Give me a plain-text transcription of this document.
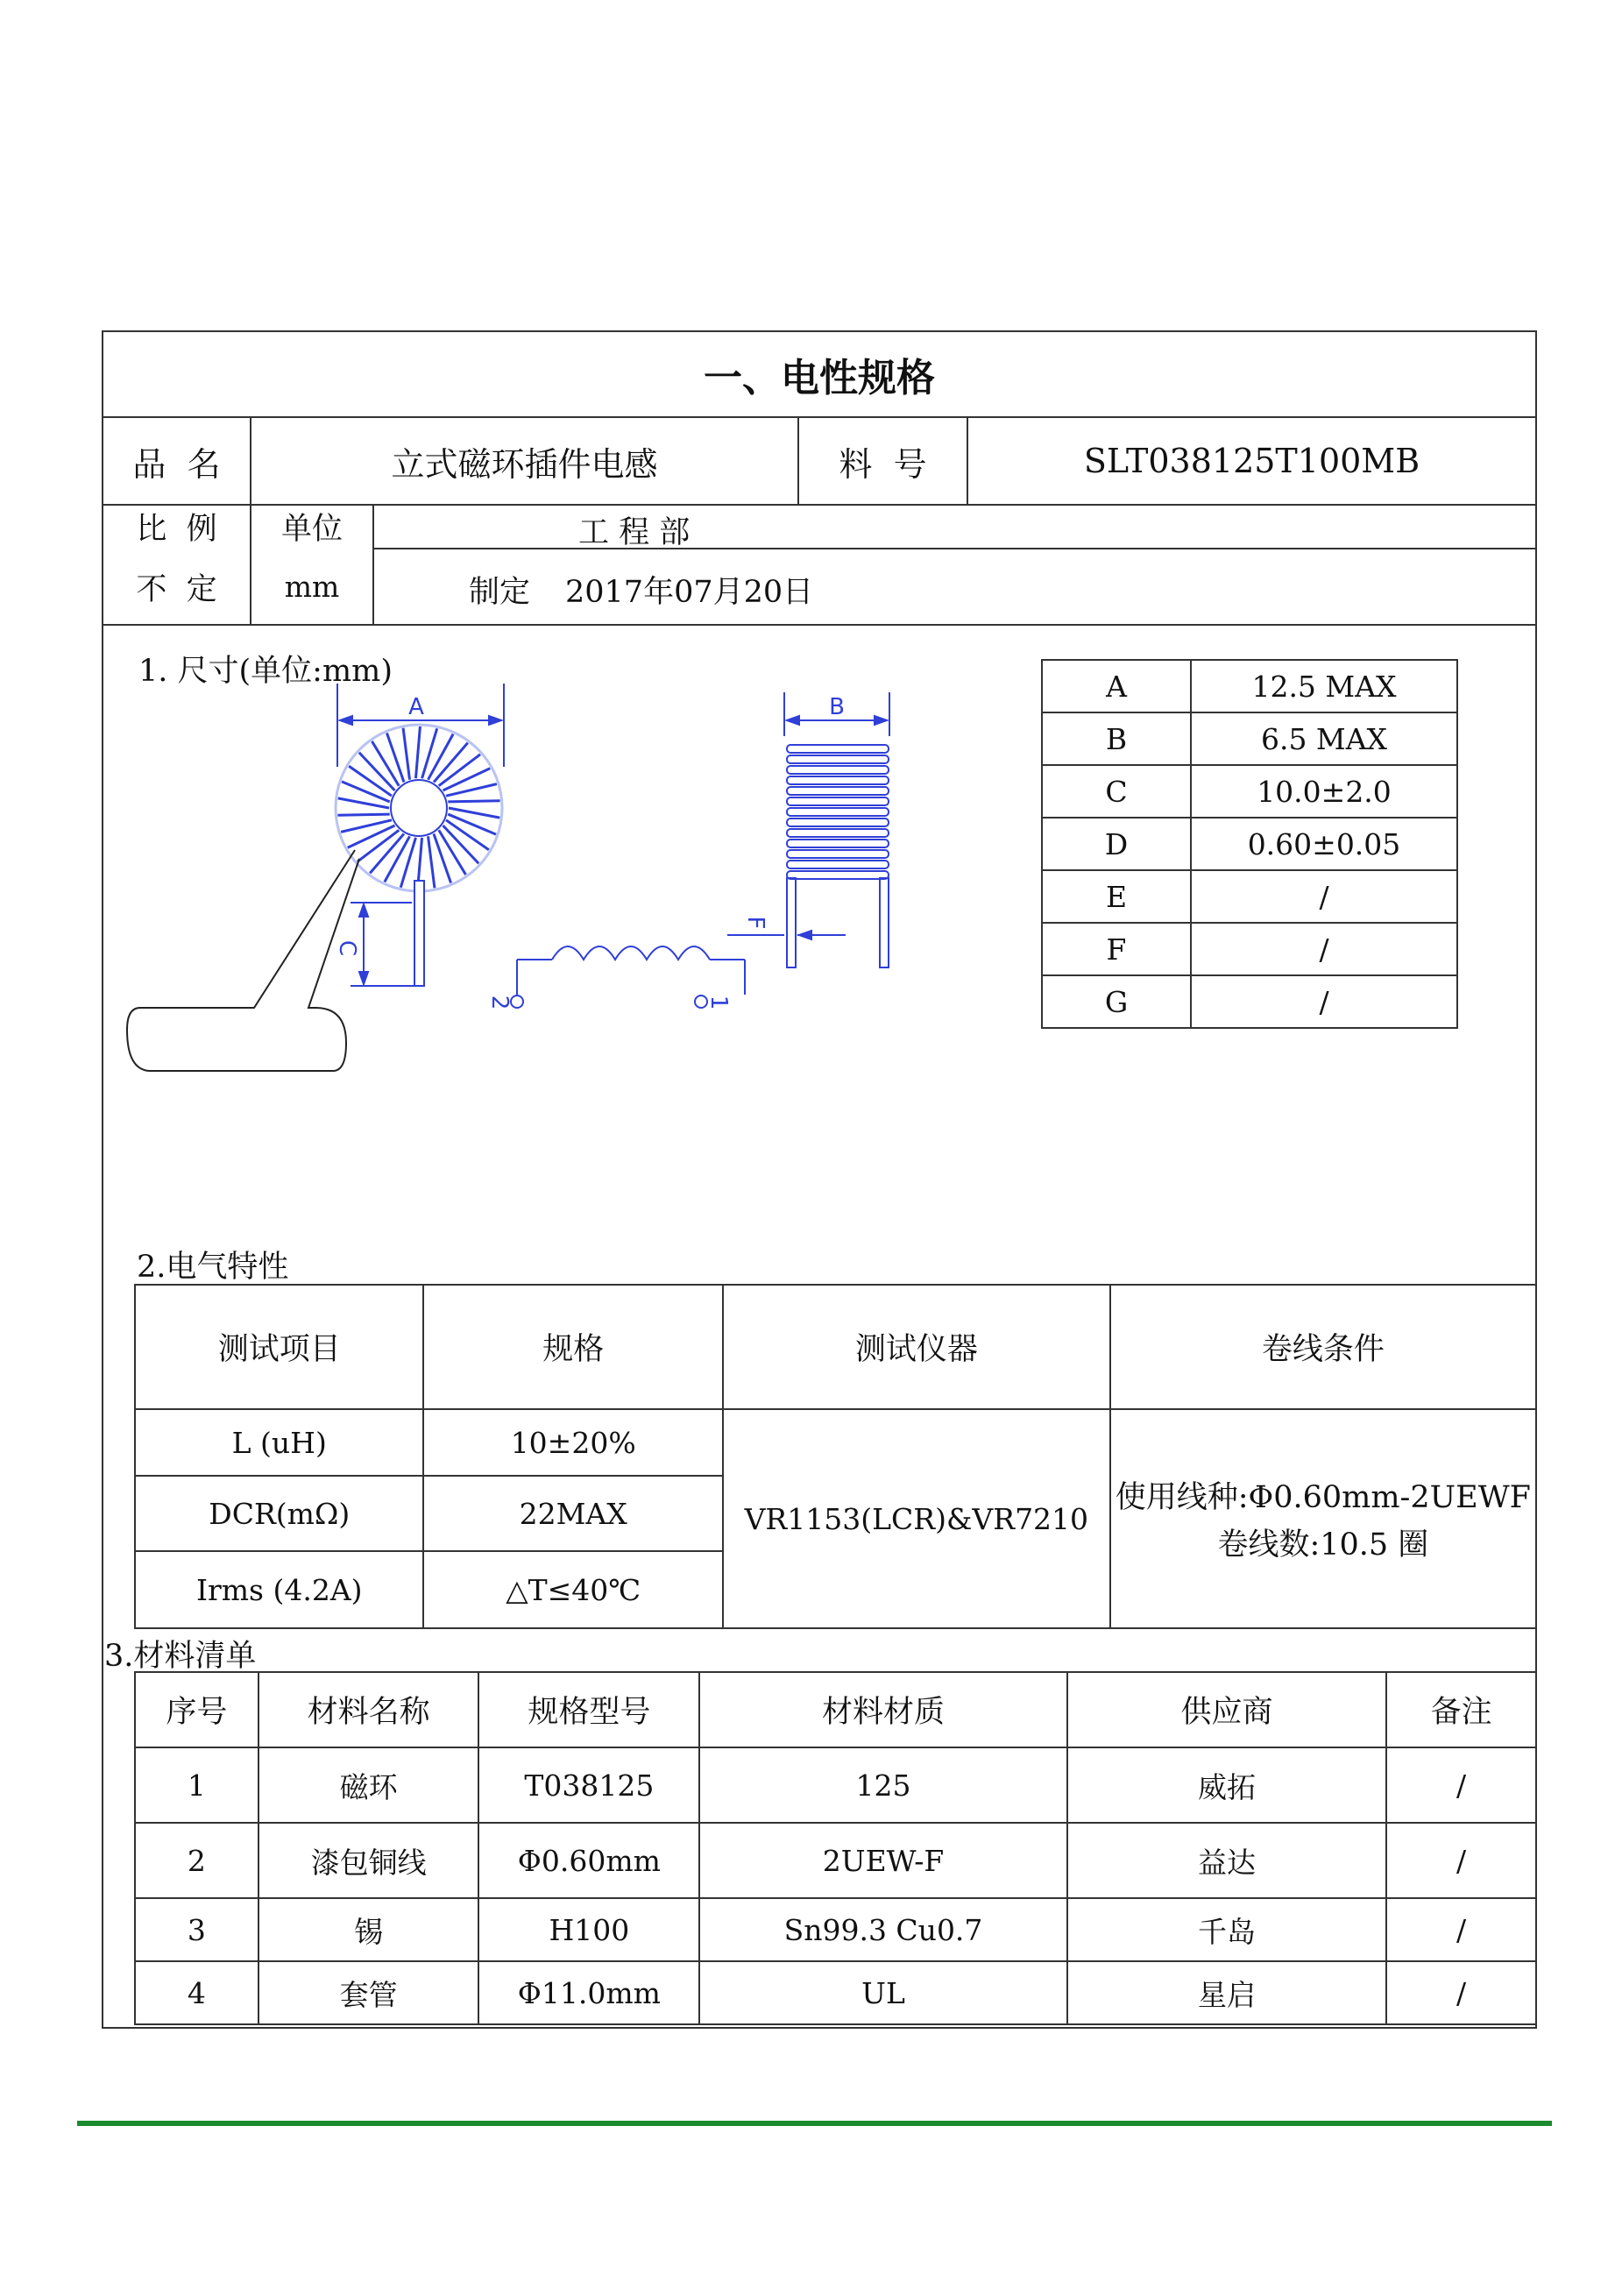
一、电性规格
品  名	立式磁环插件电感	料  号	SLT038125T100MB
比  例	单位	工 程 部
不  定	mm	制定 2017年07月20日
1. 尺寸(单位:mm)
A	B
C
F
2	1
A	12.5 MAX
B	6.5 MAX
C	10.0±2.0
D	0.60±0.05
E	/
F	/
G	/
2.电气特性
测试项目	规格	测试仪器	卷线条件
L (uH)	10±20%	VR1153(LCR)&VR7210	使用线种:Φ0.60mm-2UEWF
卷线数:10.5 圈

DCR(mΩ)	22MAX		
Irms (4.2A)	△T≤40℃		
3.材料清单
序号	材料名称	规格型号	材料材质	供应商	备注
1	磁环	T038125	125	威拓	/
2	漆包铜线	Φ0.60mm	2UEW-F	益达	/
3	锡	H100	Sn99.3 Cu0.7	千岛	/
4	套管	Φ11.0mm	UL	星启	/
